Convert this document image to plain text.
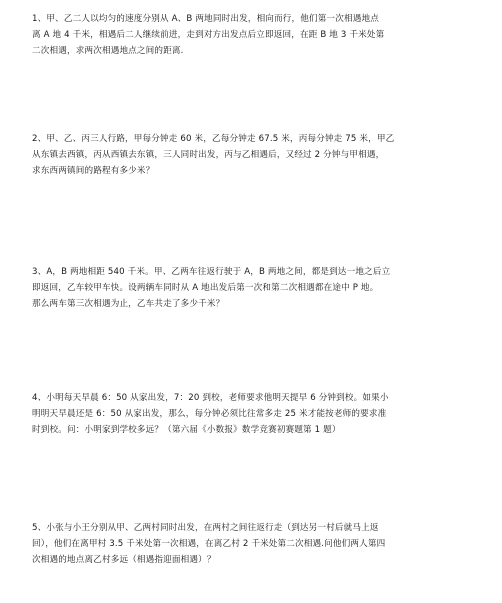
1、甲、乙二人以均匀的速度分别从 A、B 两地同时出发，相向而行，他们第一次相遇地点

离 A 地 4 千米，相遇后二人继续前进，走到对方出发点后立即返回，在距 B 地 3 千米处第

二次相遇，求两次相遇地点之间的距离.

2、甲、乙、丙三人行路，甲每分钟走 60 米，乙每分钟走 67.5 米，丙每分钟走 75 米，甲乙

从东镇去西镇，丙从西镇去东镇，三人同时出发，丙与乙相遇后，又经过 2 分钟与甲相遇，

求东西两镇间的路程有多少米？

3、A，B 两地相距 540 千米。甲、乙两车往返行驶于 A，B 两地之间，都是到达一地之后立

即返回，乙车较甲车快。设两辆车同时从 A 地出发后第一次和第二次相遇都在途中 P 地。

那么两车第三次相遇为止，乙车共走了多少千米？

4、小明每天早晨 6：50 从家出发，7：20 到校，老师要求他明天提早 6 分钟到校。如果小

明明天早晨还是 6：50 从家出发，那么，每分钟必须比往常多走 25 米才能按老师的要求准

时到校。问：小明家到学校多远？（第六届《小数报》数学竞赛初赛题第 1 题）

5、小张与小王分别从甲、乙两村同时出发，在两村之间往返行走（到达另一村后就马上返

回），他们在离甲村 3.5 千米处第一次相遇，在离乙村 2 千米处第二次相遇.问他们两人第四

次相遇的地点离乙村多远（相遇指迎面相遇）？
